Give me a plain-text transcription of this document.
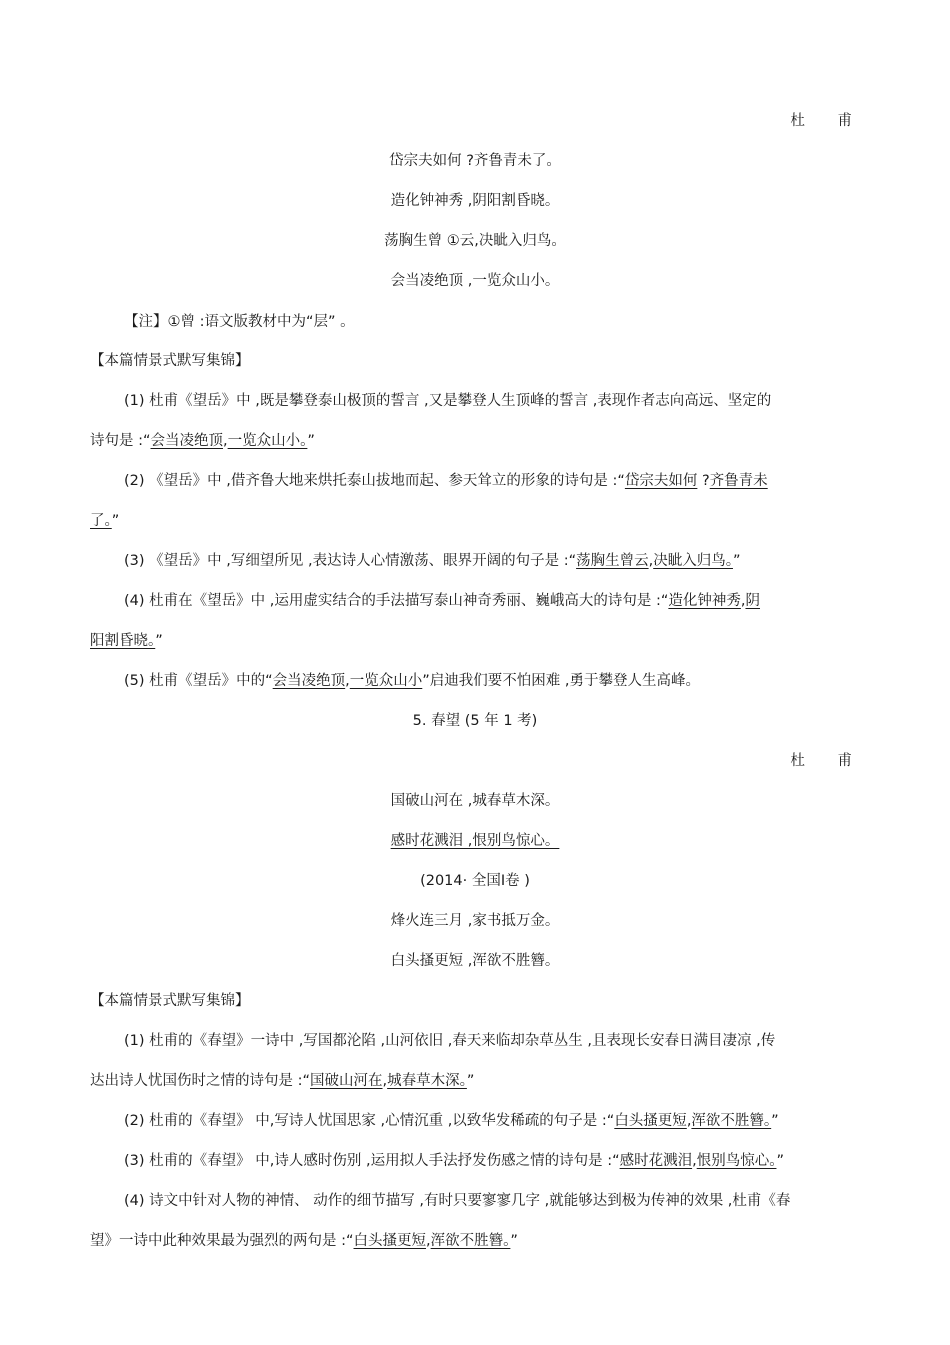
杜 甫
岱宗夫如何 ?齐鲁青未了。
造化钟神秀 ,阴阳割昏晓。
荡胸生曾 ①云,决眦入归鸟。
会当凌绝顶 ,一览众山小。
【注】①曾 :语文版教材中为“层” 。
【本篇情景式默写集锦】
(1) 杜甫《望岳》中 ,既是攀登泰山极顶的誓言 ,又是攀登人生顶峰的誓言 ,表现作者志向高远、坚定的
诗句是 :“会当凌绝顶,一览众山小。”
(2) 《望岳》中 ,借齐鲁大地来烘托泰山拔地而起、参天耸立的形象的诗句是 :“岱宗夫如何 ?齐鲁青未
了。”
(3) 《望岳》中 ,写细望所见 ,表达诗人心情激荡、眼界开阔的句子是 :“荡胸生曾云,决眦入归鸟。”
(4) 杜甫在《望岳》中 ,运用虚实结合的手法描写泰山神奇秀丽、巍峨高大的诗句是 :“造化钟神秀,阴
阳割昏晓。”
(5) 杜甫《望岳》中的“会当凌绝顶,一览众山小”启迪我们要不怕困难 ,勇于攀登人生高峰。
5. 春望 (5 年 1 考)
杜 甫
国破山河在 ,城春草木深。
感时花溅泪 ,恨别鸟惊心。
(2014· 全国Ⅰ卷 )
烽火连三月 ,家书抵万金。
白头搔更短 ,浑欲不胜簪。
【本篇情景式默写集锦】
(1) 杜甫的《春望》一诗中 ,写国都沦陷 ,山河依旧 ,春天来临却杂草丛生 ,且表现长安春日满目凄凉 ,传
达出诗人忧国伤时之情的诗句是 :“国破山河在,城春草木深。”
(2) 杜甫的《春望》 中,写诗人忧国思家 ,心情沉重 ,以致华发稀疏的句子是 :“白头搔更短,浑欲不胜簪。”
(3) 杜甫的《春望》 中,诗人感时伤别 ,运用拟人手法抒发伤感之情的诗句是 :“感时花溅泪,恨别鸟惊心。”
(4) 诗文中针对人物的神情、 动作的细节描写 ,有时只要寥寥几字 ,就能够达到极为传神的效果 ,杜甫《春
望》一诗中此种效果最为强烈的两句是 :“白头搔更短,浑欲不胜簪。”
